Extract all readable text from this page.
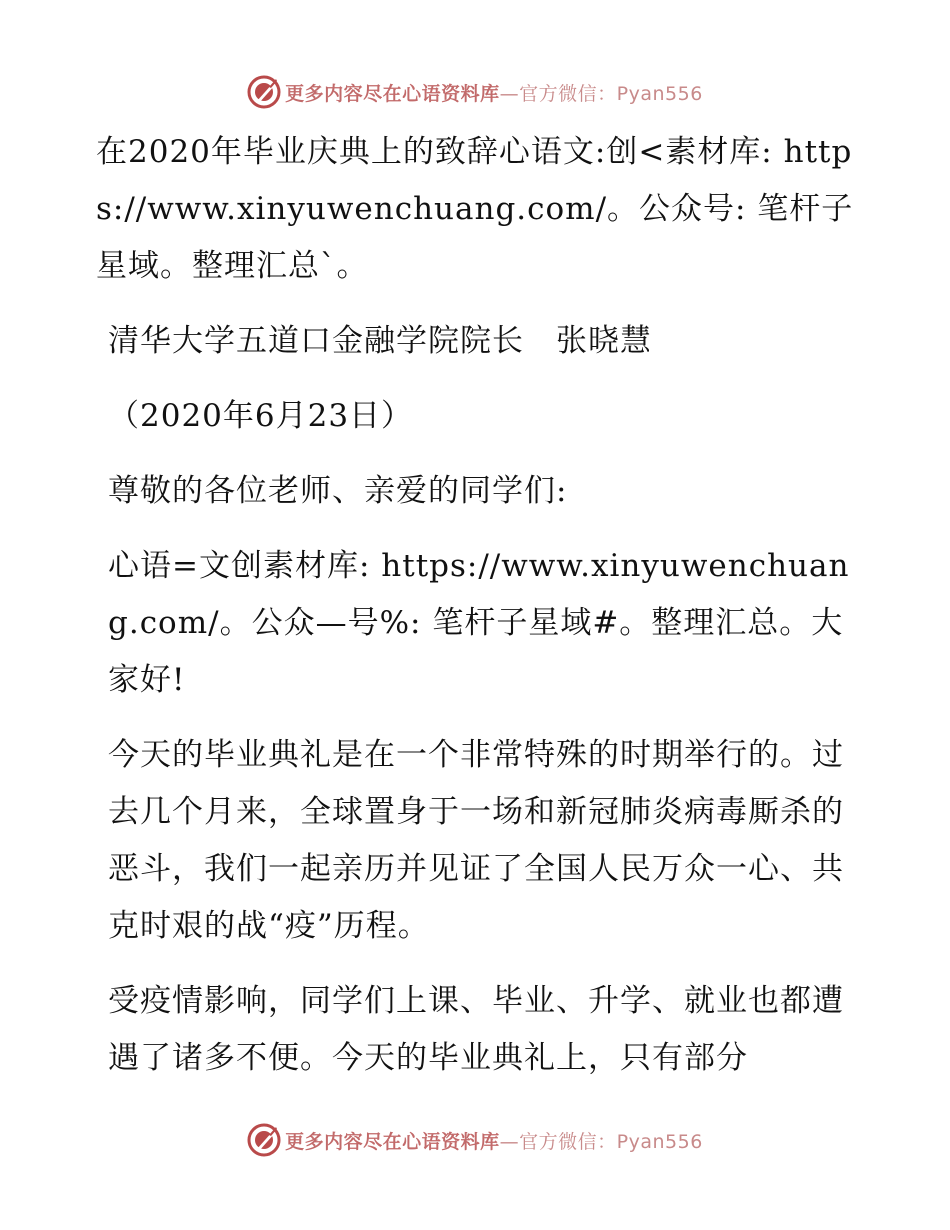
更多内容尽在心语资料库—官方微信：Pyan556

在2020年毕业庆典上的致辞心语文:创<素材库: https://www.xinyuwenchuang.com/。公众号: 笔杆子星域。整理汇总`。

清华大学五道口金融学院院长　张晓慧

（2020年6月23日）

尊敬的各位老师、亲爱的同学们:

心语=文创素材库: https://www.xinyuwenchuang.com/。公众—号%: 笔杆子星域#。整理汇总。大家好!

今天的毕业典礼是在一个非常特殊的时期举行的。过去几个月来，全球置身于一场和新冠肺炎病毒厮杀的恶斗，我们一起亲历并见证了全国人民万众一心、共克时艰的战“疫”历程。

受疫情影响，同学们上课、毕业、升学、就业也都遭遇了诸多不便。今天的毕业典礼上，只有部分

更多内容尽在心语资料库—官方微信：Pyan556
